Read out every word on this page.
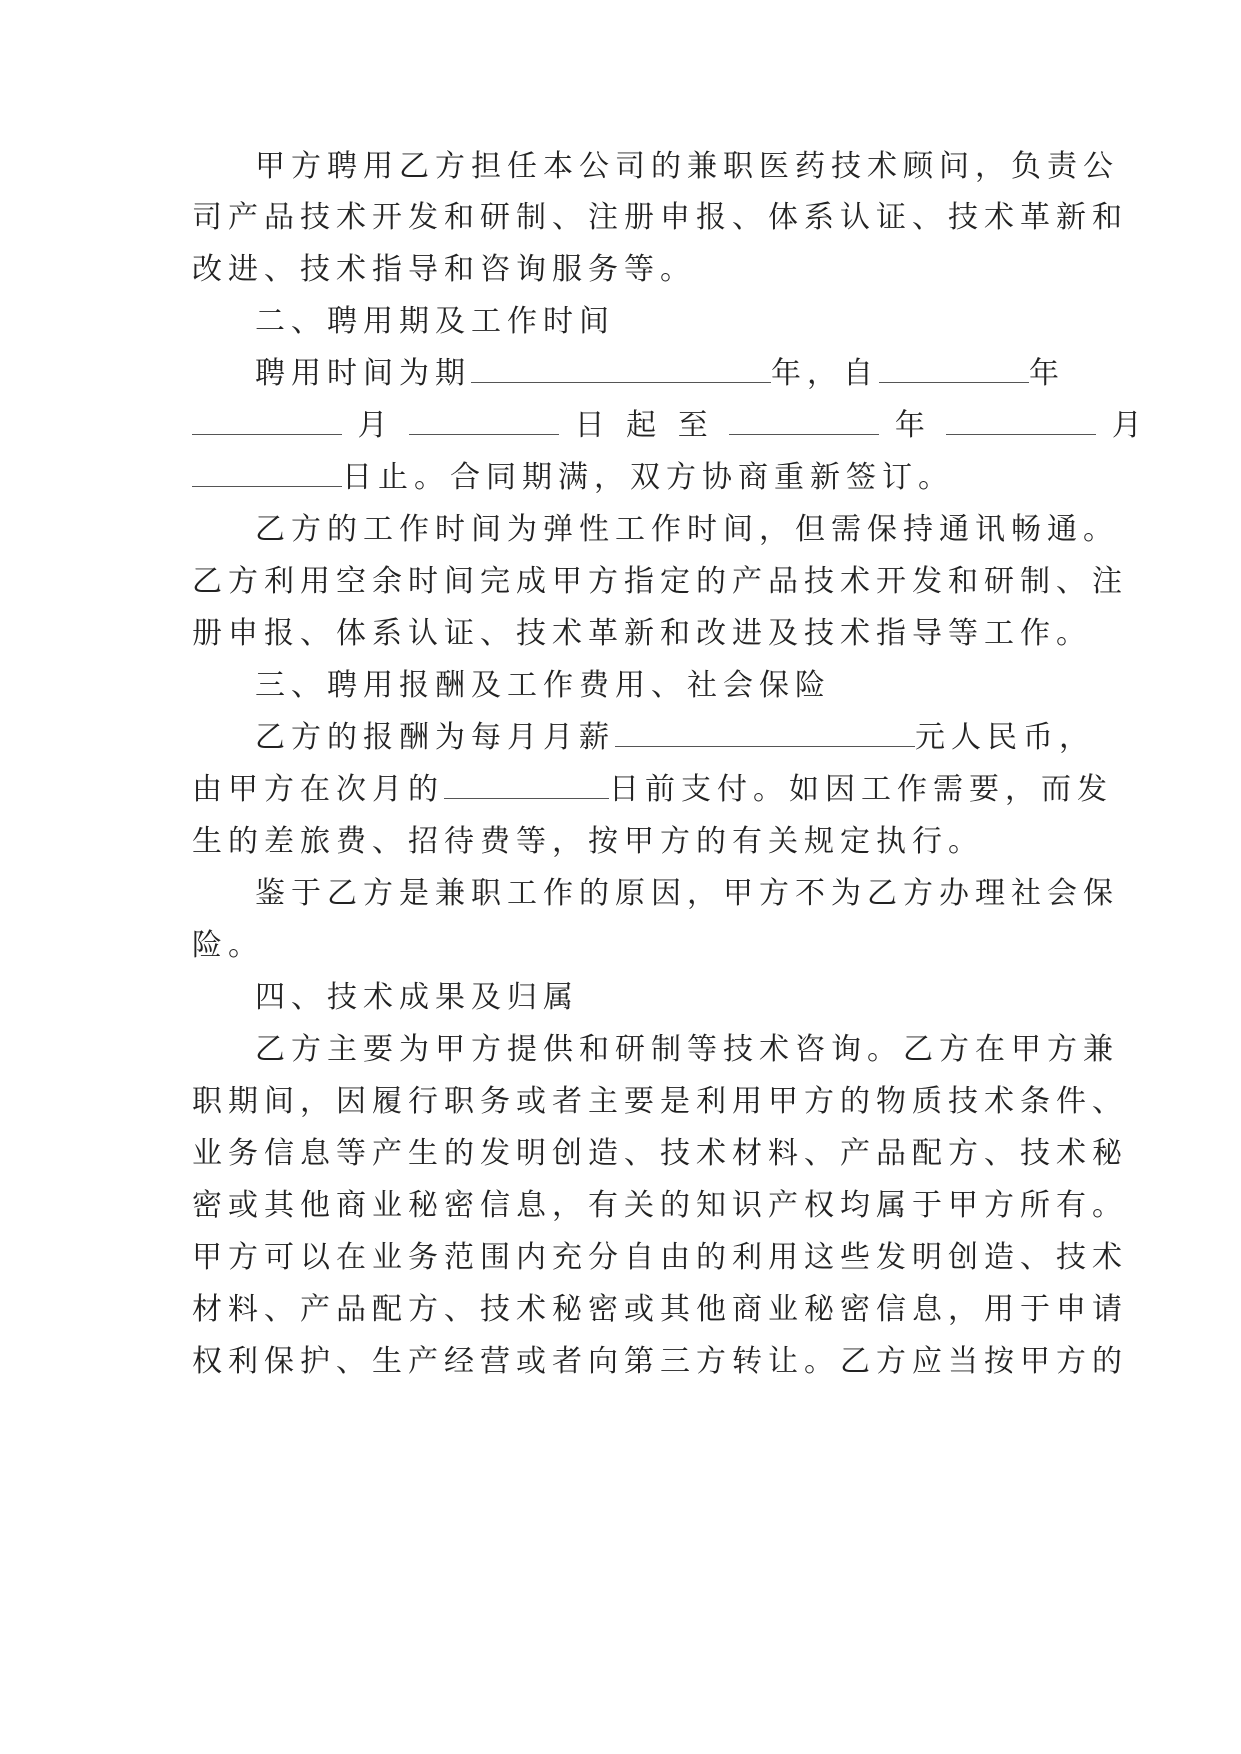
甲方聘用乙方担任本公司的兼职医药技术顾问，负责公
司产品技术开发和研制、注册申报、体系认证、技术革新和
改进、技术指导和咨询服务等。
二、聘用期及工作时间
聘用时间为期	年，自	年
月	日 起 至	年	月
日止。合同期满，双方协商重新签订。
乙方的工作时间为弹性工作时间，但需保持通讯畅通。
乙方利用空余时间完成甲方指定的产品技术开发和研制、注
册申报、体系认证、技术革新和改进及技术指导等工作。
三、聘用报酬及工作费用、社会保险
乙方的报酬为每月月薪	元人民币，
由甲方在次月的	日前支付。如因工作需要，而发
生的差旅费、招待费等，按甲方的有关规定执行。
鉴于乙方是兼职工作的原因，甲方不为乙方办理社会保
险。
四、技术成果及归属
乙方主要为甲方提供和研制等技术咨询。乙方在甲方兼
职期间，因履行职务或者主要是利用甲方的物质技术条件、
业务信息等产生的发明创造、技术材料、产品配方、技术秘
密或其他商业秘密信息，有关的知识产权均属于甲方所有。
甲方可以在业务范围内充分自由的利用这些发明创造、技术
材料、产品配方、技术秘密或其他商业秘密信息，用于申请
权利保护、生产经营或者向第三方转让。乙方应当按甲方的
